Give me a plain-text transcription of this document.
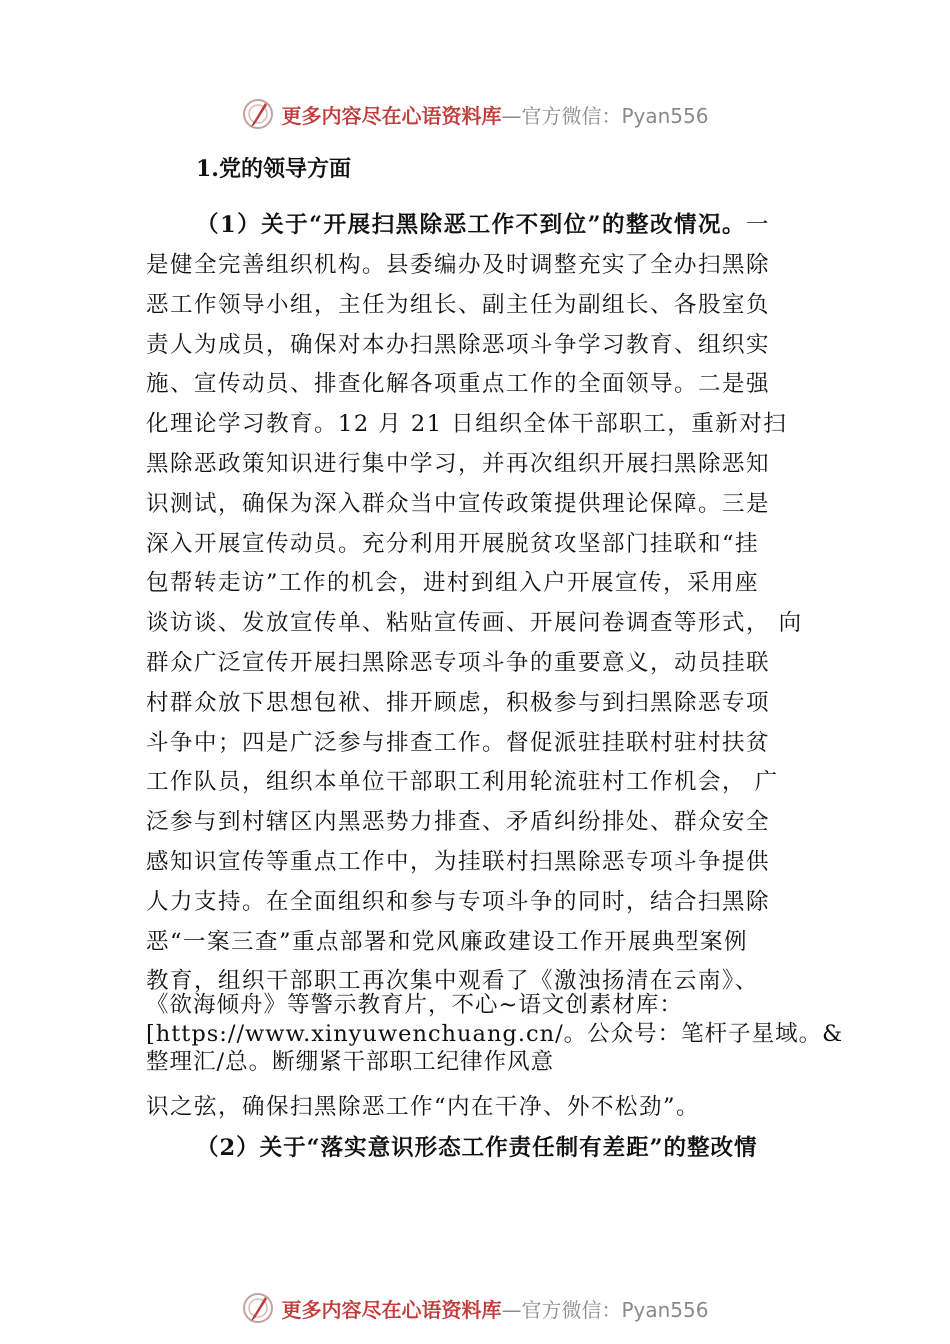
更多内容尽在心语资料库 —官方微信：Pyan556
1.党的领导方面
（1）关于“开展扫黑除恶工作不到位”的整改情况。一
是健全完善组织机构。县委编办及时调整充实了全办扫黑除
恶工作领导小组，主任为组长、副主任为副组长、各股室负
责人为成员，确保对本办扫黑除恶项斗争学习教育、组织实
施、宣传动员、排查化解各项重点工作的全面领导。二是强
化理论学习教育。12 月 21 日组织全体干部职工，重新对扫
黑除恶政策知识进行集中学习，并再次组织开展扫黑除恶知
识测试，确保为深入群众当中宣传政策提供理论保障。三是
深入开展宣传动员。充分利用开展脱贫攻坚部门挂联和“挂
包帮转走访”工作的机会，进村到组入户开展宣传，采用座
谈访谈、发放宣传单、粘贴宣传画、开展问卷调查等形式， 向
群众广泛宣传开展扫黑除恶专项斗争的重要意义，动员挂联
村群众放下思想包袱、排开顾虑，积极参与到扫黑除恶专项
斗争中；四是广泛参与排查工作。督促派驻挂联村驻村扶贫
工作队员，组织本单位干部职工利用轮流驻村工作机会， 广
泛参与到村辖区内黑恶势力排查、矛盾纠纷排处、群众安全
感知识宣传等重点工作中，为挂联村扫黑除恶专项斗争提供
人力支持。在全面组织和参与专项斗争的同时，结合扫黑除
恶“一案三查”重点部署和党风廉政建设工作开展典型案例
教育，组织干部职工再次集中观看了《激浊扬清在云南》、
《欲海倾舟》等警示教育片，不心~语文创素材库：
[https://www.xinyuwenchuang.cn/。公众号：笔杆子星域。&
整理汇/总。断绷紧干部职工纪律作风意
识之弦，确保扫黑除恶工作“内在干净、外不松劲”。
（2）关于“落实意识形态工作责任制有差距”的整改情
更多内容尽在心语资料库 —官方微信：Pyan556
